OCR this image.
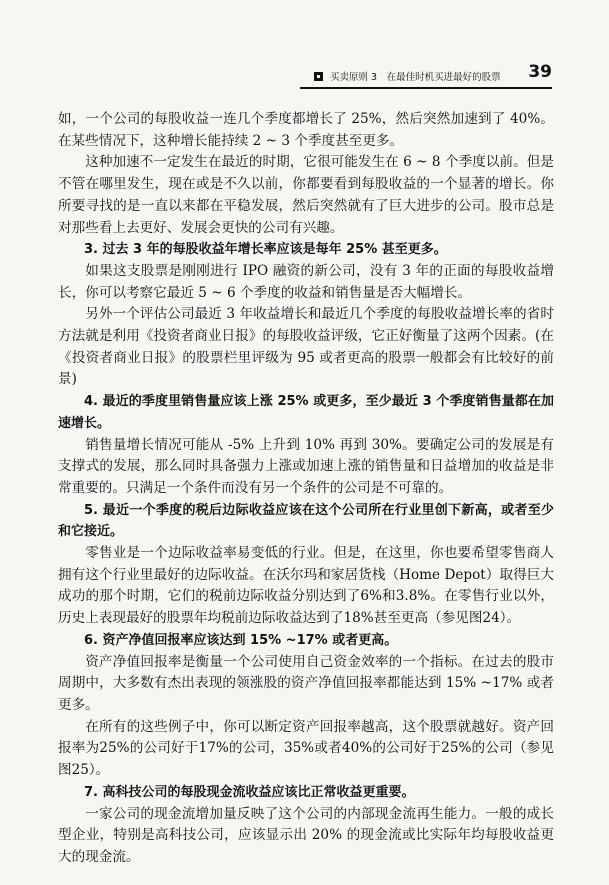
买卖原则 3　在最佳时机买进最好的股票 39

如，一个公司的每股收益一连几个季度都增长了 25%，然后突然加速到了 40%。在某些情况下，这种增长能持续 2 ~ 3 个季度甚至更多。

这种加速不一定发生在最近的时期，它很可能发生在 6 ~ 8 个季度以前。但是不管在哪里发生，现在或是不久以前，你都要看到每股收益的一个显著的增长。你所要寻找的是一直以来都在平稳发展，然后突然就有了巨大进步的公司。股市总是对那些看上去更好、发展会更快的公司有兴趣。

3. 过去 3 年的每股收益年增长率应该是每年 25% 甚至更多。

如果这支股票是刚刚进行 IPO 融资的新公司，没有 3 年的正面的每股收益增长，你可以考察它最近 5 ~ 6 个季度的收益和销售量是否大幅增长。

另外一个评估公司最近 3 年收益增长和最近几个季度的每股收益增长率的省时方法就是利用《投资者商业日报》的每股收益评级，它正好衡量了这两个因素。(在《投资者商业日报》的股票栏里评级为 95 或者更高的股票一般都会有比较好的前景)

4. 最近的季度里销售量应该上涨 25% 或更多，至少最近 3 个季度销售量都在加速增长。

销售量增长情况可能从 -5% 上升到 10% 再到 30%。要确定公司的发展是有支撑式的发展，那么同时具备强力上涨或加速上涨的销售量和日益增加的收益是非常重要的。只满足一个条件而没有另一个条件的公司是不可靠的。

5. 最近一个季度的税后边际收益应该在这个公司所在行业里创下新高，或者至少和它接近。

零售业是一个边际收益率易变低的行业。但是，在这里，你也要希望零售商人拥有这个行业里最好的边际收益。在沃尔玛和家居货栈（Home Depot）取得巨大成功的那个时期，它们的税前边际收益分别达到了6%和3.8%。在零售行业以外，历史上表现最好的股票年均税前边际收益达到了18%甚至更高（参见图24）。

6. 资产净值回报率应该达到 15% ~17% 或者更高。

资产净值回报率是衡量一个公司使用自己资金效率的一个指标。在过去的股市周期中，大多数有杰出表现的领涨股的资产净值回报率都能达到 15% ~17% 或者更多。

在所有的这些例子中，你可以断定资产回报率越高，这个股票就越好。资产回报率为25%的公司好于17%的公司，35%或者40%的公司好于25%的公司（参见图25）。

7. 高科技公司的每股现金流收益应该比正常收益更重要。

一家公司的现金流增加量反映了这个公司的内部现金流再生能力。一般的成长型企业，特别是高科技公司，应该显示出 20% 的现金流或比实际年均每股收益更大的现金流。
